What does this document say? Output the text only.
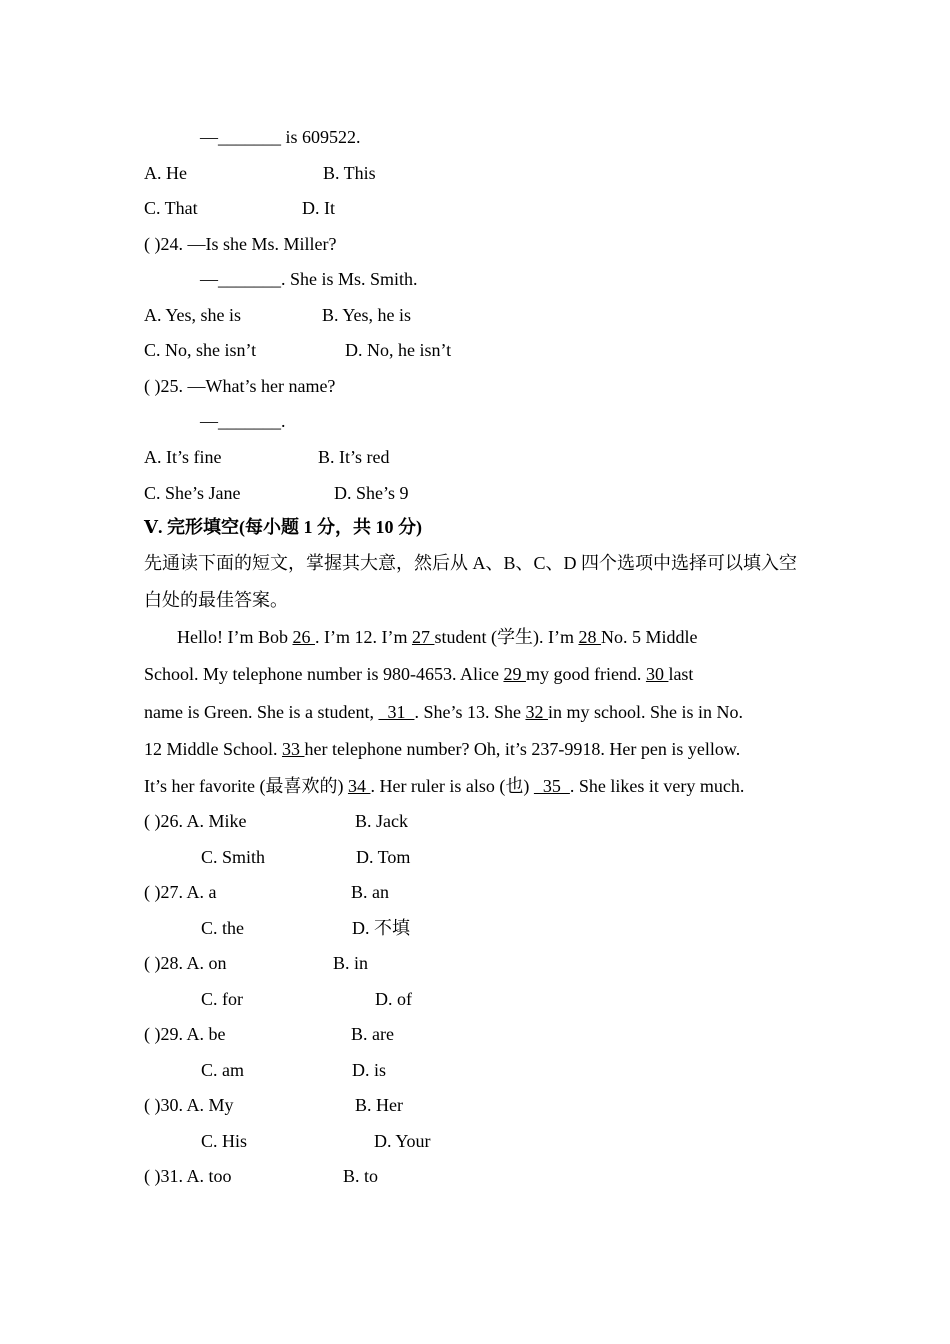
—_______ is 609522.
A. He	B. This
C. That	D. It
( )24. —Is she Ms. Miller?
—_______. She is Ms. Smith.
A. Yes, she is	B. Yes, he is
C. No, she isn’t	D. No, he isn’t
( )25. —What’s her name?
—_______.
A. It’s fine	B. It’s red
C. She’s Jane	D. She’s 9
Ⅴ. 完形填空(每小题 1 分，共 10 分)
先通读下面的短文，掌握其大意，然后从 A、B、C、D 四个选项中选择可以填入空
白处的最佳答案。
Hello! I’m Bob 26 . I’m 12. I’m 27 student (学生). I’m 28 No. 5 Middle
School. My telephone number is 980-4653. Alice 29 my good friend. 30 last
name is Green. She is a student,   31  . She’s 13. She 32 in my school. She is in No.
12 Middle School. 33 her telephone number? Oh, it’s 237-9918. Her pen is yellow.
It’s her favorite (最喜欢的) 34 . Her ruler is also (也)   35  . She likes it very much.
( )26. A. Mike	B. Jack
C. Smith	D. Tom
( )27. A. a	B. an
C. the	D. 不填
( )28. A. on	B. in
C. for	D. of
( )29. A. be	B. are
C. am	D. is
( )30. A. My	B. Her
C. His	D. Your
( )31. A. too	B. to
